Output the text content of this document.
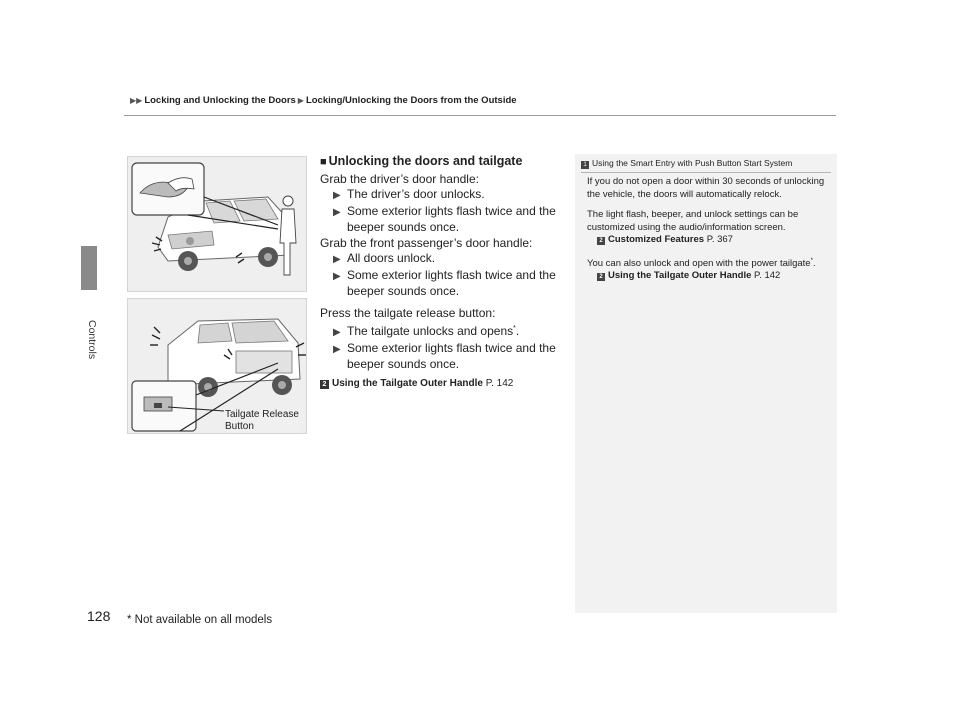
▶▶ Locking and Unlocking the Doors ▶ Locking/Unlocking the Doors from the Outside
Controls
Tailgate Release
Button
■ Unlocking the doors and tailgate

Grab the driver’s door handle:

▶ The driver’s door unlocks.
▶ Some exterior lights flash twice and the beeper sounds once.

Grab the front passenger’s door handle:

▶ All doors unlock.
▶ Some exterior lights flash twice and the beeper sounds once.

Press the tailgate release button:

▶ The tailgate unlocks and opens*.
▶ Some exterior lights flash twice and the beeper sounds once.
2 Using the Tailgate Outer Handle P. 142
1 Using the Smart Entry with Push Button Start System

If you do not open a door within 30 seconds of unlocking the vehicle, the doors will automatically relock.

The light flash, beeper, and unlock settings can be customized using the audio/information screen.

2 Customized Features P. 367

You can also unlock and open with the power tailgate*.

2 Using the Tailgate Outer Handle P. 142
128 * Not available on all models
